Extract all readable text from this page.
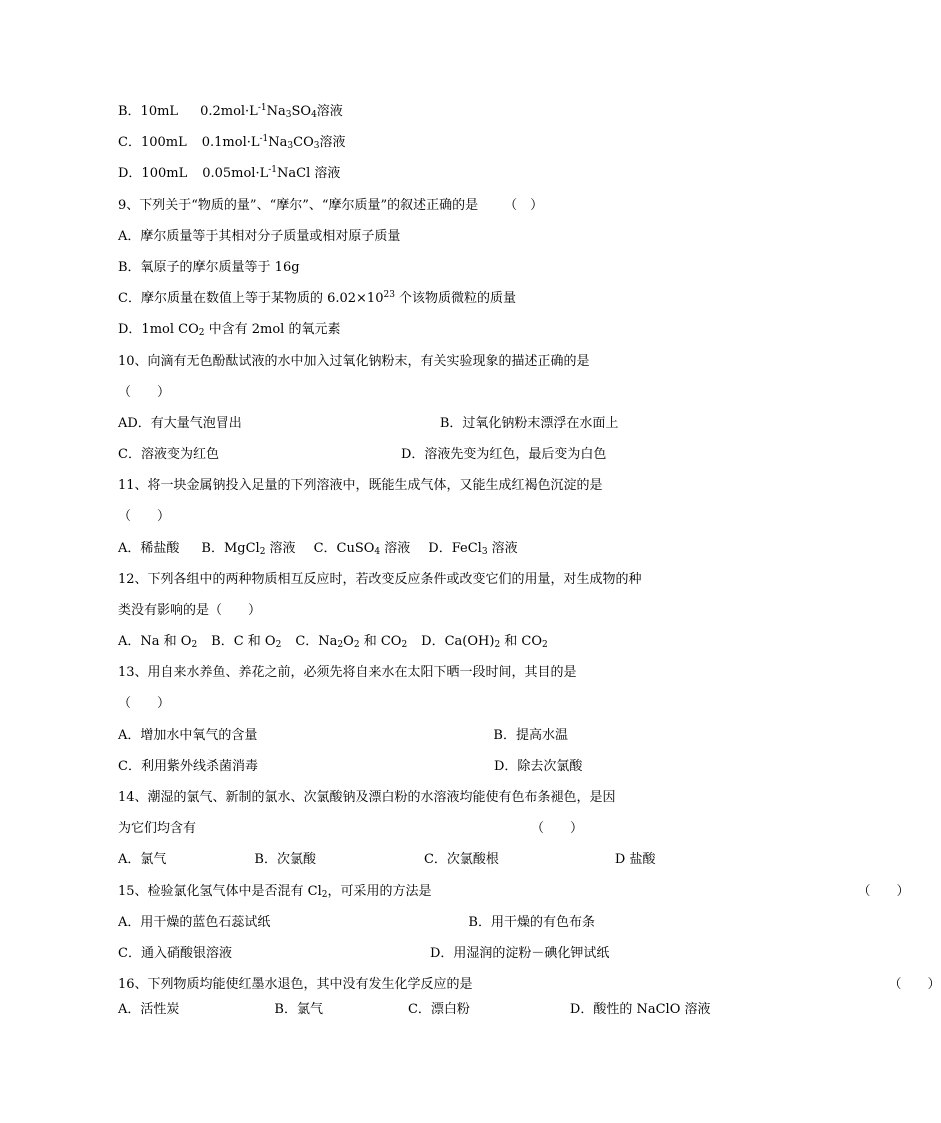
B．10mL $0.2mol\cdot L^{-1}Na_3SO_4$溶液
C．100mL $0.1mol\cdot L^{-1}Na_3CO_3$溶液
D．100mL $0.05mol\cdot L^{-1}NaCl$ 溶液
9、下列关于“物质的量”、“摩尔”、“摩尔质量”的叙述正确的是 （　）
A．摩尔质量等于其相对分子质量或相对原子质量
B．氧原子的摩尔质量等于 16g
C．摩尔质量在数值上等于某物质的 $6.02\times 10^{23}$ 个该物质微粒的质量
D．1mol $CO_2$ 中含有 2mol 的氧元素
10、向滴有无色酚酞试液的水中加入过氧化钠粉末，有关实验现象的描述正确的是
（　　）
AD．有大量气泡冒出	B．过氧化钠粉末漂浮在水面上
C．溶液变为红色	D．溶液先变为红色，最后变为白色
11、将一块金属钠投入足量的下列溶液中，既能生成气体，又能生成红褐色沉淀的是
（　　）
A．稀盐酸 B．MgCl$_2$ 溶液 C．CuSO$_4$ 溶液 D．FeCl$_3$ 溶液
12、下列各组中的两种物质相互反应时，若改变反应条件或改变它们的用量，对生成物的种
类没有影响的是（　　）
A．Na 和 $O_2$ B．C 和 $O_2$ C．$Na_2O_2$ 和 $CO_2$ D．$Ca(OH)_2$ 和 $CO_2$
13、用自来水养鱼、养花之前，必须先将自来水在太阳下晒一段时间，其目的是
（　　）
A．增加水中氧气的含量	B．提高水温
C．利用紫外线杀菌消毒	D．除去次氯酸
14、潮湿的氯气、新制的氯水、次氯酸钠及漂白粉的水溶液均能使有色布条褪色，是因
为它们均含有	（　　）
A．氯气	B．次氯酸	C．次氯酸根	D 盐酸
15、检验氯化氢气体中是否混有 $Cl_2$，可采用的方法是	（　　）
A．用干燥的蓝色石蕊试纸	B．用干燥的有色布条
C．通入硝酸银溶液	D．用湿润的淀粉－碘化钾试纸
16、下列物质均能使红墨水退色，其中没有发生化学反应的是	（　　）
A．活性炭	B．氯气	C．漂白粉	D．酸性的 NaClO 溶液
